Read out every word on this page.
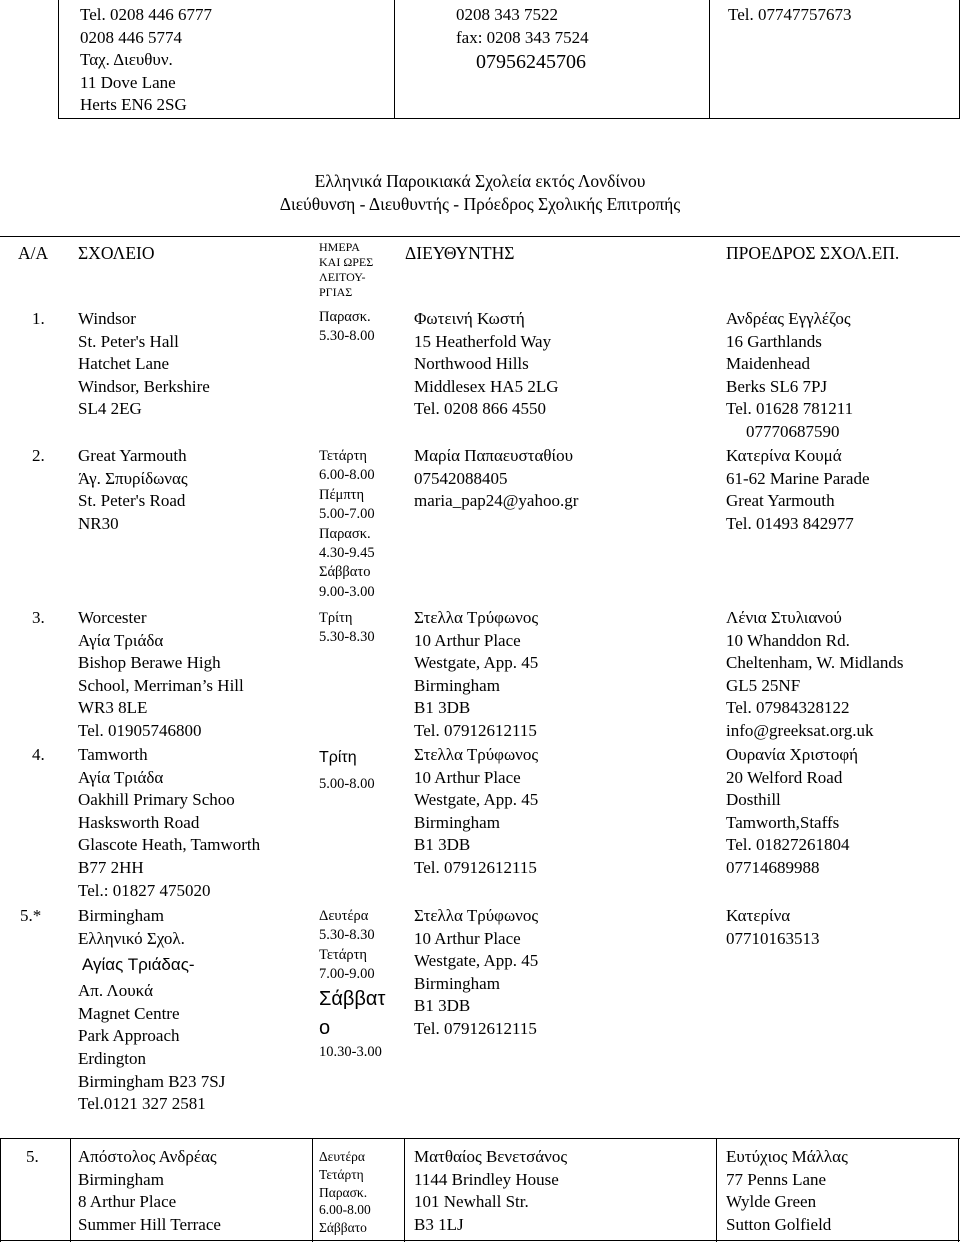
Tel. 0208 446 6777
0208 446 5774
Ταχ. Διευθυν.
11 Dove Lane
Herts EN6 2SG
0208 343 7522
fax: 0208 343 7524
07956245706
Tel. 07747757673
Ελληνικά Παροικιακά Σχολεία εκτός Λονδίνου
Διεύθυνση - Διευθυντής - Πρόεδρος Σχολικής Επιτροπής
Α/Α ΣΧΟΛΕΙΟ	ΗΜΕΡΑ
ΚΑΙ ΩΡΕΣ
ΛΕΙΤΟΥ-
ΡΓΙΑΣ
ΔΙΕΥΘΥΝΤΗΣ	ΠΡΟΕΔΡΟΣ ΣΧΟΛ.ΕΠ.
1. Windsor
St. Peter's Hall
Hatchet Lane
Windsor, Berkshire
SL4 2EG
Παρασκ.
5.30-8.00
Φωτεινή Κωστή
15 Heatherfold Way
Northwood Hills
Middlesex HA5 2LG
Tel. 0208 866 4550
Ανδρέας Εγγλέζος
16 Garthlands
Maidenhead
Berks SL6 7PJ
Tel. 01628 781211
07770687590
2. Great Yarmouth
Άγ. Σπυρίδωνας
St. Peter's Road
NR30
Τετάρτη
6.00-8.00
Πέμπτη
5.00-7.00
Παρασκ.
4.30-9.45
Σάββατο
9.00-3.00
Μαρία Παπαευσταθίου
07542088405
maria_pap24@yahoo.gr
Κατερίνα Κουμά
61-62 Marine Parade
Great Yarmouth
Tel. 01493 842977
3. Worcester
Αγία Τριάδα
Bishop Berawe High
School, Merriman’s Hill
WR3 8LE
Tel. 01905746800
Τρίτη
5.30-8.30
Στελλα Τρύφωνος
10 Arthur Place
Westgate, App. 45
Birmingham
B1 3DB
Tel. 07912612115
Λένια Στυλιανού
10 Whanddon Rd.
Cheltenham, W. Midlands
GL5 25NF
Tel. 07984328122
info@greeksat.org.uk
4. Tamworth
Αγία Τριάδα
Oakhill Primary Schoo
Hasksworth Road
Glascote Heath, Tamworth
B77 2HH
Tel.: 01827 475020
Τρίτη
5.00-8.00
Στελλα Τρύφωνος
10 Arthur Place
Westgate, App. 45
Birmingham
B1 3DB
Tel. 07912612115
Ουρανία Χριστοφή
20 Welford Road
Dosthill
Tamworth,Staffs
Tel. 01827261804
07714689988
5.* Birmingham
Ελληνικό Σχολ.
Αγίας Τριάδας-
Απ. Λουκά
Magnet Centre
Park Approach
Erdington
Birmingham B23 7SJ
Tel.0121 327 2581
Δευτέρα
5.30-8.30
Τετάρτη
7.00-9.00
Σάββατ
ο
10.30-3.00
Στελλα Τρύφωνος
10 Arthur Place
Westgate, App. 45
Birmingham
B1 3DB
Tel. 07912612115
Κατερίνα
07710163513
5. Απόστολος Ανδρέας
Birmingham
8 Arthur Place
Summer Hill Terrace
Δευτέρα
Τετάρτη
Παρασκ.
6.00-8.00
Σάββατο
Ματθαίος Βενετσάνος
1144 Brindley House
101 Newhall Str.
B3 1LJ
Ευτύχιος Μάλλας
77 Penns Lane
Wylde Green
Sutton Golfield
